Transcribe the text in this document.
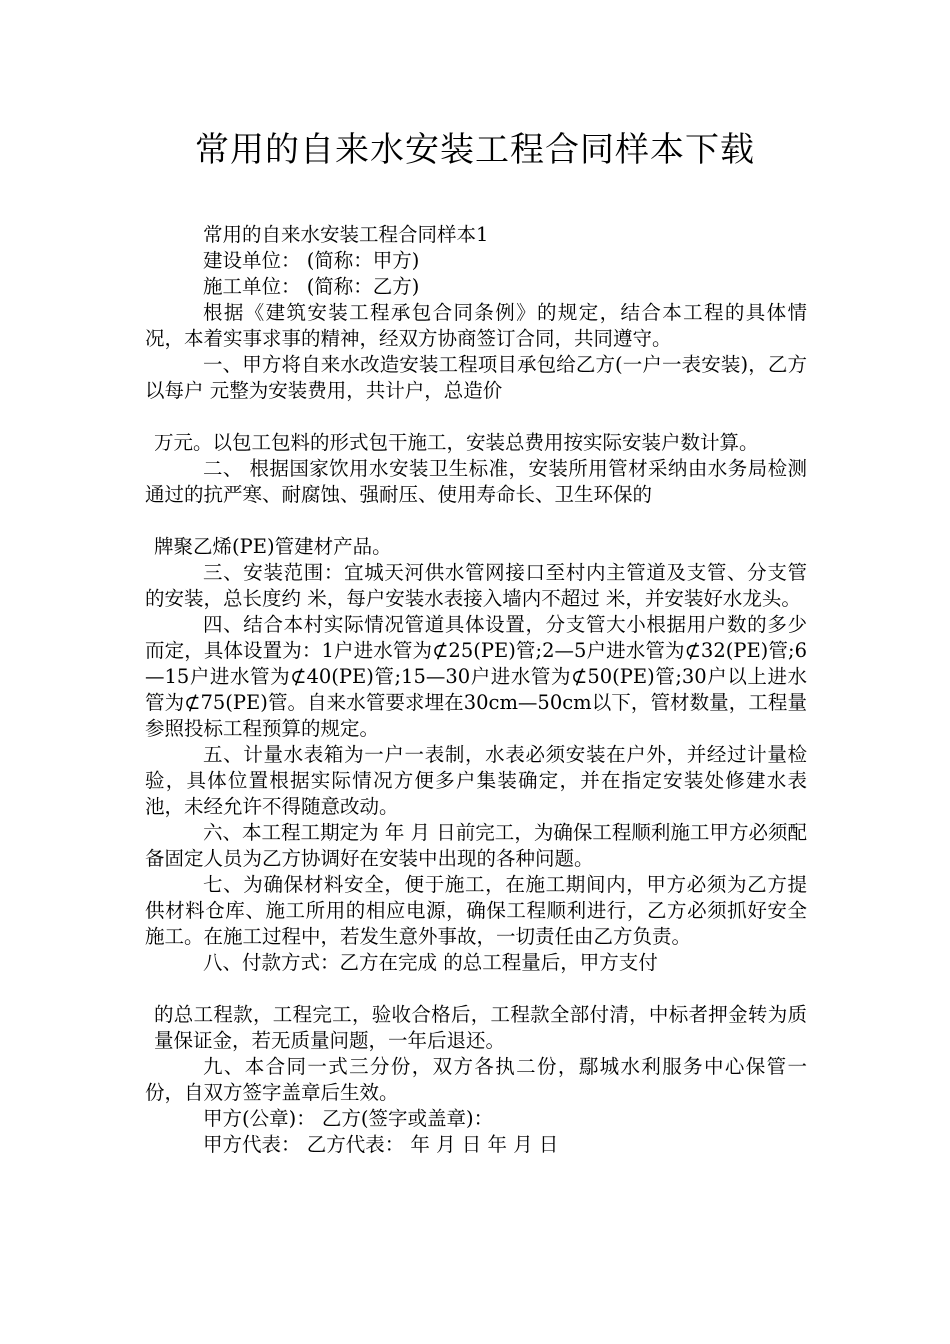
常用的自来水安装工程合同样本下载

常用的自来水安装工程合同样本1

建设单位： (简称：甲方)

施工单位： (简称：乙方)

根据《建筑安装工程承包合同条例》的规定，结合本工程的具体情况，本着实事求事的精神，经双方协商签订合同，共同遵守。

一、甲方将自来水改造安装工程项目承包给乙方(一户一表安装)，乙方以每户 元整为安装费用，共计户，总造价

万元。以包工包料的形式包干施工，安装总费用按实际安装户数计算。

二、 根据国家饮用水安装卫生标准，安装所用管材采纳由水务局检测通过的抗严寒、耐腐蚀、强耐压、使用寿命长、卫生环保的

牌聚乙烯(PE)管建材产品。

三、安装范围：宜城天河供水管网接口至村内主管道及支管、分支管的安装，总长度约 米，每户安装水表接入墙内不超过 米，并安装好水龙头。

四、结合本村实际情况管道具体设置，分支管大小根据用户数的多少而定，具体设置为：1户进水管为⊄25(PE)管;2—5户进水管为⊄32(PE)管;6—15户进水管为⊄40(PE)管;15—30户进水管为⊄50(PE)管;30户以上进水管为⊄75(PE)管。自来水管要求埋在30cm—50cm以下，管材数量，工程量参照投标工程预算的规定。

五、计量水表箱为一户一表制，水表必须安装在户外，并经过计量检验，具体位置根据实际情况方便多户集装确定，并在指定安装处修建水表池，未经允许不得随意改动。

六、本工程工期定为 年 月 日前完工，为确保工程顺利施工甲方必须配备固定人员为乙方协调好在安装中出现的各种问题。

七、为确保材料安全，便于施工，在施工期间内，甲方必须为乙方提供材料仓库、施工所用的相应电源，确保工程顺利进行，乙方必须抓好安全施工。在施工过程中，若发生意外事故，一切责任由乙方负责。

八、付款方式：乙方在完成 的总工程量后，甲方支付

的总工程款，工程完工，验收合格后，工程款全部付清，中标者押金转为质量保证金，若无质量问题，一年后退还。

九、本合同一式三分份，双方各执二份，鄢城水利服务中心保管一份，自双方签字盖章后生效。

甲方(公章)： 乙方(签字或盖章)：

甲方代表： 乙方代表： 年 月 日 年 月 日
